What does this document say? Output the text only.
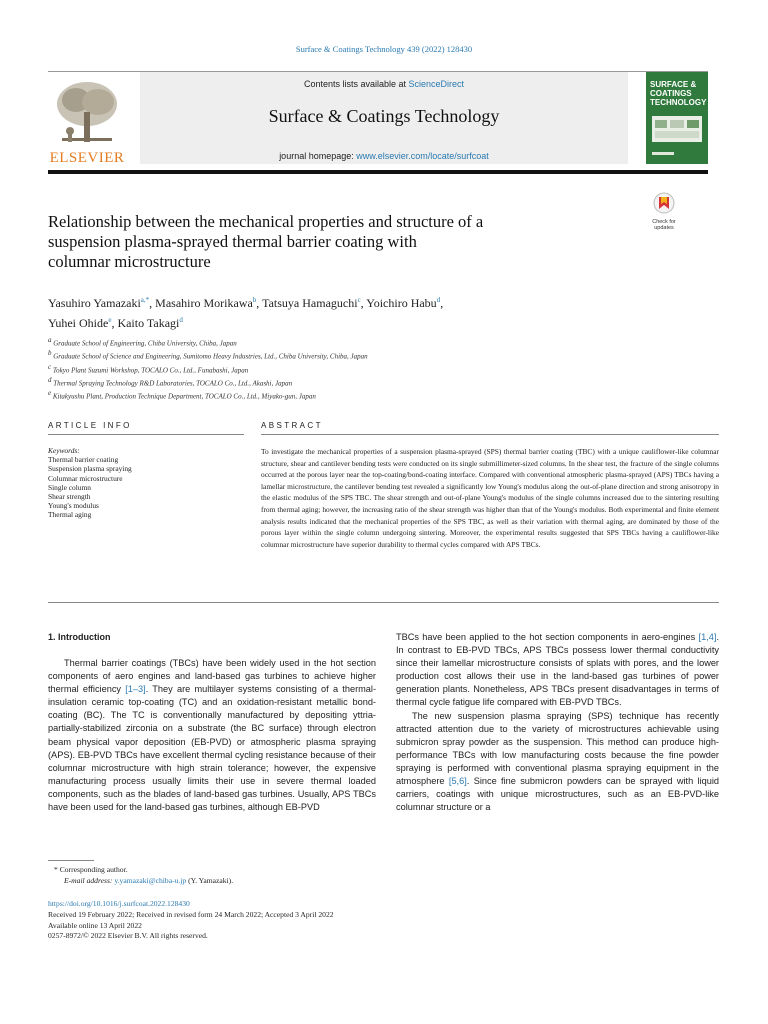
Surface & Coatings Technology 439 (2022) 128430
ELSEVIER
Contents lists available at ScienceDirect
Surface & Coatings Technology
journal homepage: www.elsevier.com/locate/surfcoat
SURFACE &
COATINGS
TECHNOLOGY
Check for
updates
Relationship between the mechanical properties and structure of a
suspension plasma-sprayed thermal barrier coating with
columnar microstructure
Yasuhiro Yamazaki$^{a,*}$, Masahiro Morikawa$^b$, Tatsuya Hamaguchi$^c$, Yoichiro Habu$^d$,
Yuhei Ohide$^e$, Kaito Takagi$^d$
$^a$ Graduate School of Engineering, Chiba University, Chiba, Japan
$^b$ Graduate School of Science and Engineering, Sumitomo Heavy Industries, Ltd., Chiba University, Chiba, Japan
$^c$ Tokyo Plant Suzumi Workshop, TOCALO Co., Ltd., Funabashi, Japan
$^d$ Thermal Spraying Technology R&D Laboratories, TOCALO Co., Ltd., Akashi, Japan
$^e$ Kitakyushu Plant, Production Technique Department, TOCALO Co., Ltd., Miyako-gun, Japan
ARTICLE INFO	ABSTRACT
Keywords:
Thermal barrier coating
Suspension plasma spraying
Columnar microstructure
Single column
Shear strength
Young's modulus
Thermal aging
To investigate the mechanical properties of a suspension plasma-sprayed (SPS) thermal barrier coating (TBC) with a unique cauliflower-like columnar structure, shear and cantilever bending tests were conducted on its single submillimeter-sized columns. In the shear test, the fracture of the single columns occurred at the porous layer near the top-coating/bond-coating interface. Compared with conventional atmospheric plasma-sprayed (APS) TBCs having a lamellar microstructure, the cantilever bending test revealed a significantly low Young's modulus along the out-of-plane direction and strong anisotropy in the elastic modulus of the SPS TBC. The shear strength and out-of-plane Young's modulus of the single columns increased due to the sintering resulting from thermal aging; however, the increasing ratio of the shear strength was higher than that of the Young's modulus. Both experimental and finite element analysis results indicated that the mechanical properties of the SPS TBC, as well as their variation with thermal aging, are dominated by those of the porous layer within the single column undergoing sintering. Moreover, the experimental results suggested that SPS TBCs having a cauliflower-like columnar microstructure have superior durability to thermal cycles compared with APS TBCs.
1. Introduction

Thermal barrier coatings (TBCs) have been widely used in the hot section components of aero engines and land-based gas turbines to achieve higher thermal efficiency [1–3]. They are multilayer systems consisting of a thermal-insulation ceramic top-coating (TC) and an oxidation-resistant metallic bond-coating (BC). The TC is conventionally manufactured by depositing yttria-partially-stabilized zirconia on a substrate (the BC surface) through electron beam physical vapor deposition (EB-PVD) or atmospheric plasma spraying (APS). EB-PVD TBCs have excellent thermal cycling resistance because of their columnar microstructure with high strain tolerance; however, the expensive manufacturing process usually limits their use in severe thermal loaded components, such as the blades of land-based gas turbines. Usually, APS TBCs have been used for the land-based gas turbines, although EB-PVD

TBCs have been applied to the hot section components in aero-engines [1,4]. In contrast to EB-PVD TBCs, APS TBCs possess lower thermal conductivity since their lamellar microstructure consists of splats with pores, and the lower production cost allows their use in the land-based gas turbines of power generation plants. Nonetheless, APS TBCs present disadvantages in terms of thermal cycle fatigue life compared with EB-PVD TBCs.

The new suspension plasma spraying (SPS) technique has recently attracted attention due to the variety of microstructures achievable using submicron spray powder as the suspension. This method can produce high-performance TBCs with low manufacturing costs because the fine powder spraying is performed with conventional plasma spraying equipment in the atmosphere [5,6]. Since fine submicron powders can be sprayed with liquid carriers, coatings with unique microstructures, such as an EB-PVD-like columnar structure or a

* Corresponding author.
E-mail address: y.yamazaki@chiba-u.jp (Y. Yamazaki).
https://doi.org/10.1016/j.surfcoat.2022.128430
Received 19 February 2022; Received in revised form 24 March 2022; Accepted 3 April 2022
Available online 13 April 2022
0257-8972/© 2022 Elsevier B.V. All rights reserved.
